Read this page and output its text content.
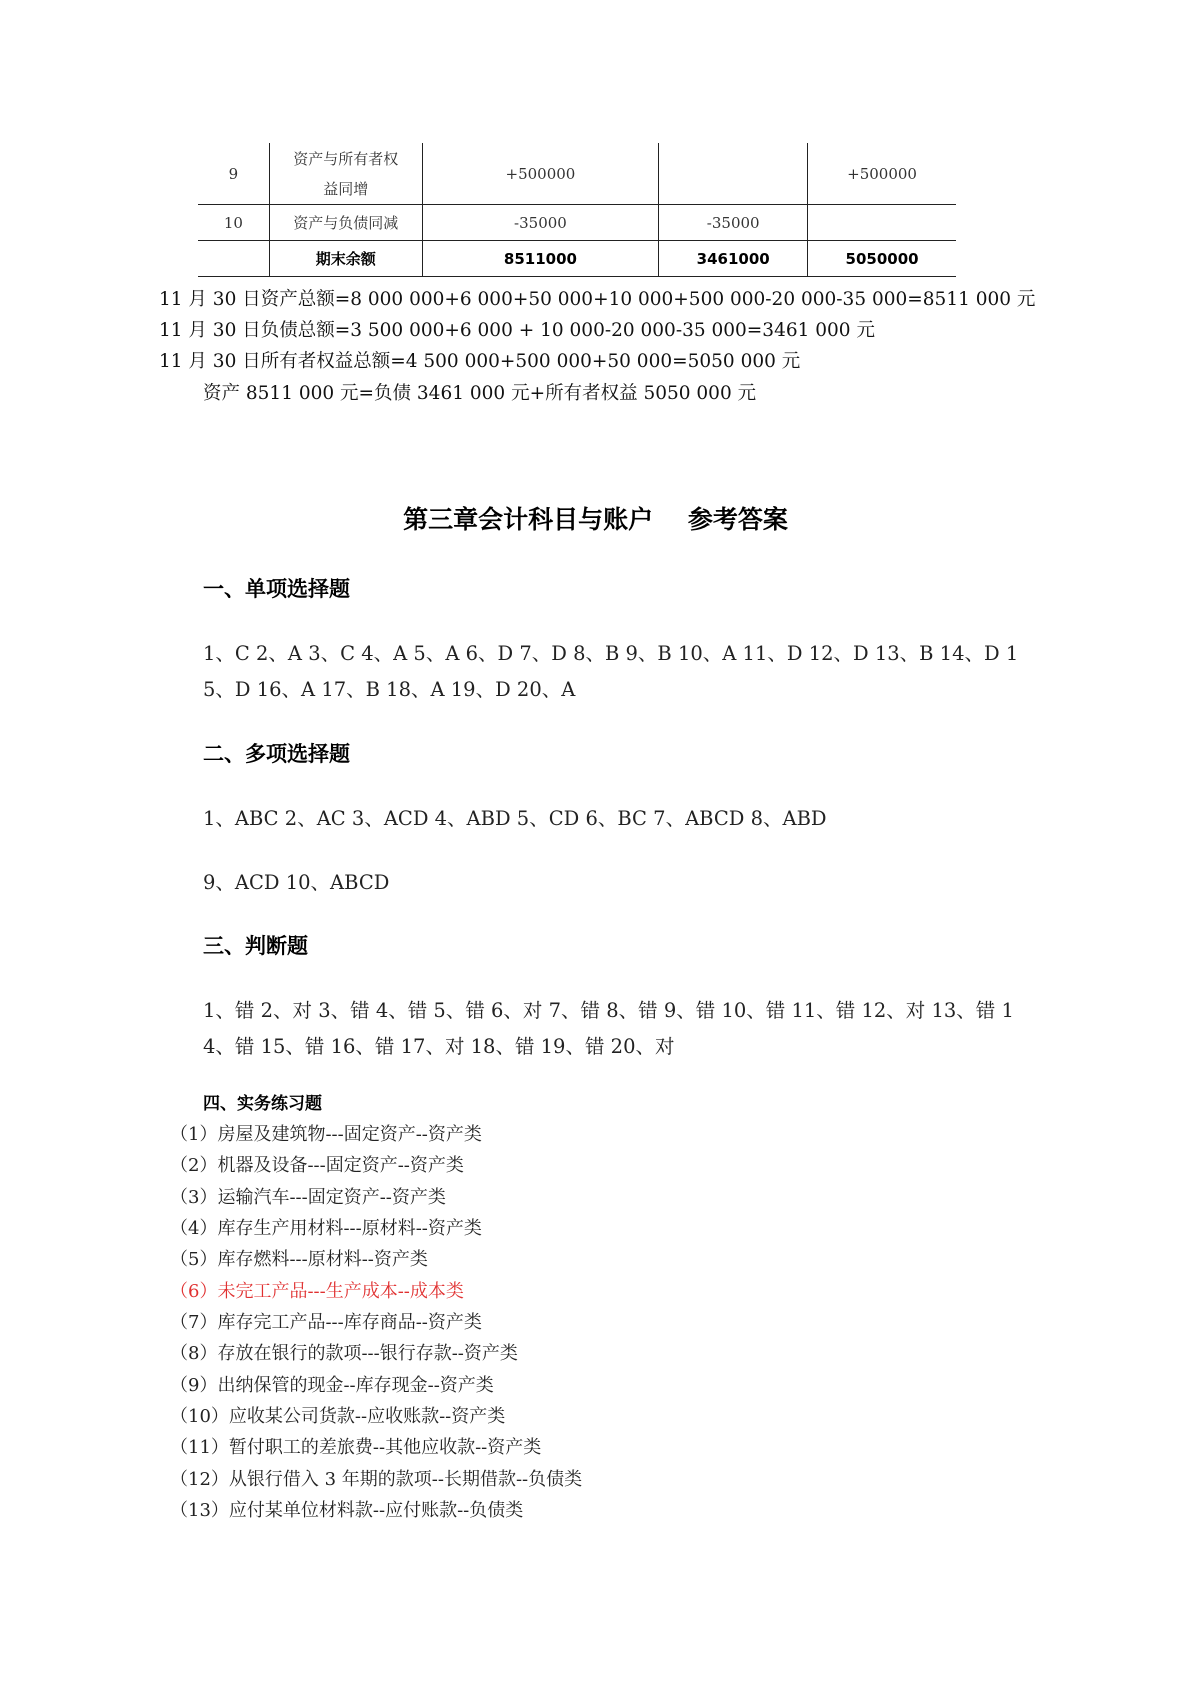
9	资产与所有者权
益同增	+500000		+500000
10	资产与负债同减	-35000	-35000	
	期末余额	8511000	3461000	5050000
11 月 30 日资产总额=8 000 000+6 000+50 000+10 000+500 000-20 000-35 000=8511 000 元
11 月 30 日负债总额=3 500 000+6 000 + 10 000-20 000-35 000=3461 000 元
11 月 30 日所有者权益总额=4 500 000+500 000+50 000=5050 000 元
资产 8511 000 元=负债 3461 000 元+所有者权益 5050 000 元
第三章会计科目与账户    参考答案
一、单项选择题
1、C 2、A 3、C 4、A 5、A 6、D 7、D 8、B 9、B 10、A 11、D 12、D 13、B 14、D 15、D 16、A 17、B 18、A 19、D 20、A
二、多项选择题
1、ABC 2、AC 3、ACD 4、ABD 5、CD 6、BC 7、ABCD 8、ABD
9、ACD 10、ABCD
三、判断题
1、错 2、对 3、错 4、错 5、错 6、对 7、错 8、错 9、错 10、错 11、错 12、对 13、错 14、错 15、错 16、错 17、对 18、错 19、错 20、对
四、实务练习题
（1）房屋及建筑物---固定资产--资产类
（2）机器及设备---固定资产--资产类
（3）运输汽车---固定资产--资产类
（4）库存生产用材料---原材料--资产类
（5）库存燃料---原材料--资产类
（6）未完工产品---生产成本--成本类
（7）库存完工产品---库存商品--资产类
（8）存放在银行的款项---银行存款--资产类
（9）出纳保管的现金--库存现金--资产类
（10）应收某公司货款--应收账款--资产类
（11）暂付职工的差旅费--其他应收款--资产类
（12）从银行借入 3 年期的款项--长期借款--负债类
（13）应付某单位材料款--应付账款--负债类
